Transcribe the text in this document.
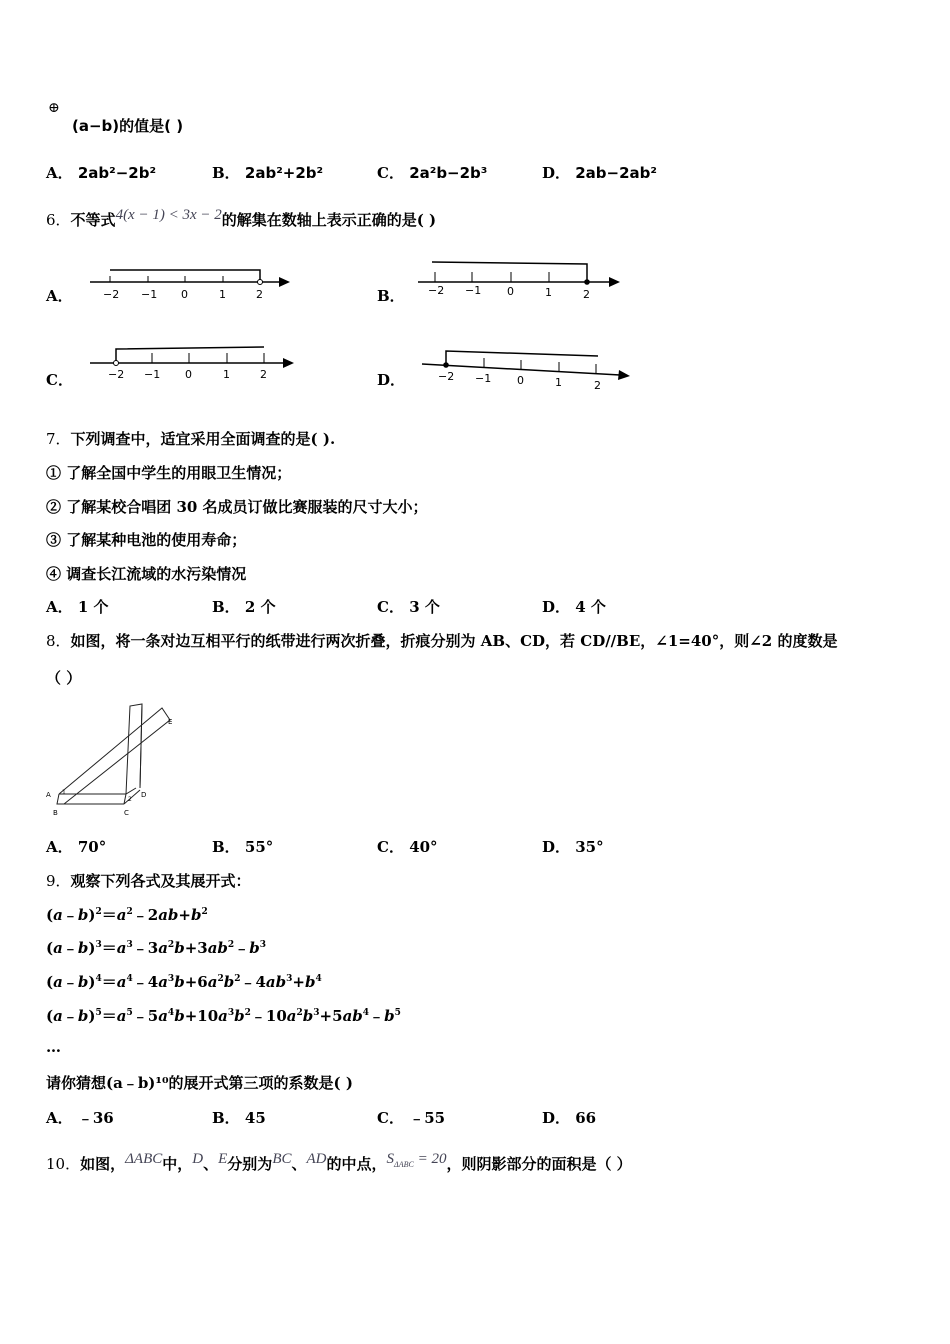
⊕
(a−b)的值是( )
A． 2ab²−2b²	B． 2ab²+2b²	C． 2a²b−2b³	D． 2ab−2ab²
6．不等式4(x − 1) < 3x − 2的解集在数轴上表示正确的是( )
A．	B．
C．	D．
−2 −1 0	1	2	−2 −1 0	1	2
−2 −1 0	1	2	−2 −1 0	1	2
7．下列调查中，适宜采用全面调查的是( ).
① 了解全国中学生的用眼卫生情况；
② 了解某校合唱团 30 名成员订做比赛服装的尺寸大小；
③ 了解某种电池的使用寿命；
④ 调查长江流域的水污染情况
A． 1 个	B． 2 个	C． 3 个	D． 4 个
8．如图，将一条对边互相平行的纸带进行两次折叠，折痕分别为 AB、CD，若 CD//BE，∠1=40°，则∠2 的度数是
（ ）
A
B	C
D
E
1
2
A． 70°	B． 55°	C． 40°	D． 35°
9．观察下列各式及其展开式：
$(a﹣b)^2=a^2﹣2ab+b^2$
$(a﹣b)^3=a^3﹣3a^2b+3ab^2﹣b^3$
$(a﹣b)^4=a^4﹣4a^3b+6a^2b^2﹣4ab^3+b^4$
$(a﹣b)^5=a^5﹣5a^4b+10a^3b^2﹣10a^2b^3+5ab^4﹣b^5$
…
请你猜想(a﹣b)¹⁰的展开式第三项的系数是( )
A． ﹣36	B． 45	C． ﹣55	D． 66
10．如图，ΔABC中，D、E分别为BC、AD的中点，$S_{\Delta ABC} = 20$，则阴影部分的面积是（ ）
